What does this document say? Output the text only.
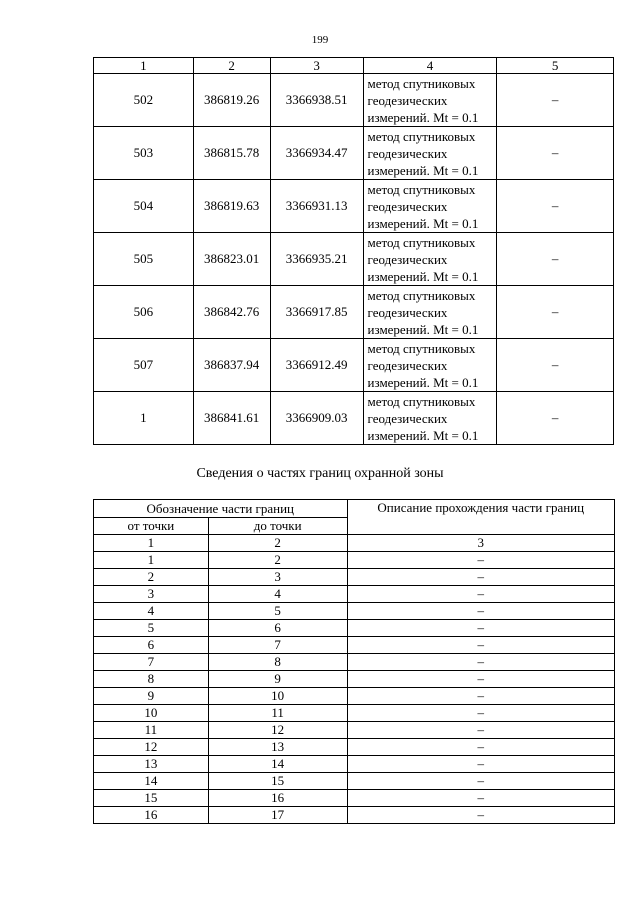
199
1	2	3	4	5
502	386819.26	3366938.51	метод спутниковых
геодезических
измерений. Mt = 0.1	–
503	386815.78	3366934.47	метод спутниковых
геодезических
измерений. Mt = 0.1	–
504	386819.63	3366931.13	метод спутниковых
геодезических
измерений. Mt = 0.1	–
505	386823.01	3366935.21	метод спутниковых
геодезических
измерений. Mt = 0.1	–
506	386842.76	3366917.85	метод спутниковых
геодезических
измерений. Mt = 0.1	–
507	386837.94	3366912.49	метод спутниковых
геодезических
измерений. Mt = 0.1	–
1	386841.61	3366909.03	метод спутниковых
геодезических
измерений. Mt = 0.1	–
Сведения о частях границ охранной зоны
Обозначение части границ		Описание прохождения части границ
от точки	до точки	
1	2	3
1	2	–
2	3	–
3	4	–
4	5	–
5	6	–
6	7	–
7	8	–
8	9	–
9	10	–
10	11	–
11	12	–
12	13	–
13	14	–
14	15	–
15	16	–
16	17	–
